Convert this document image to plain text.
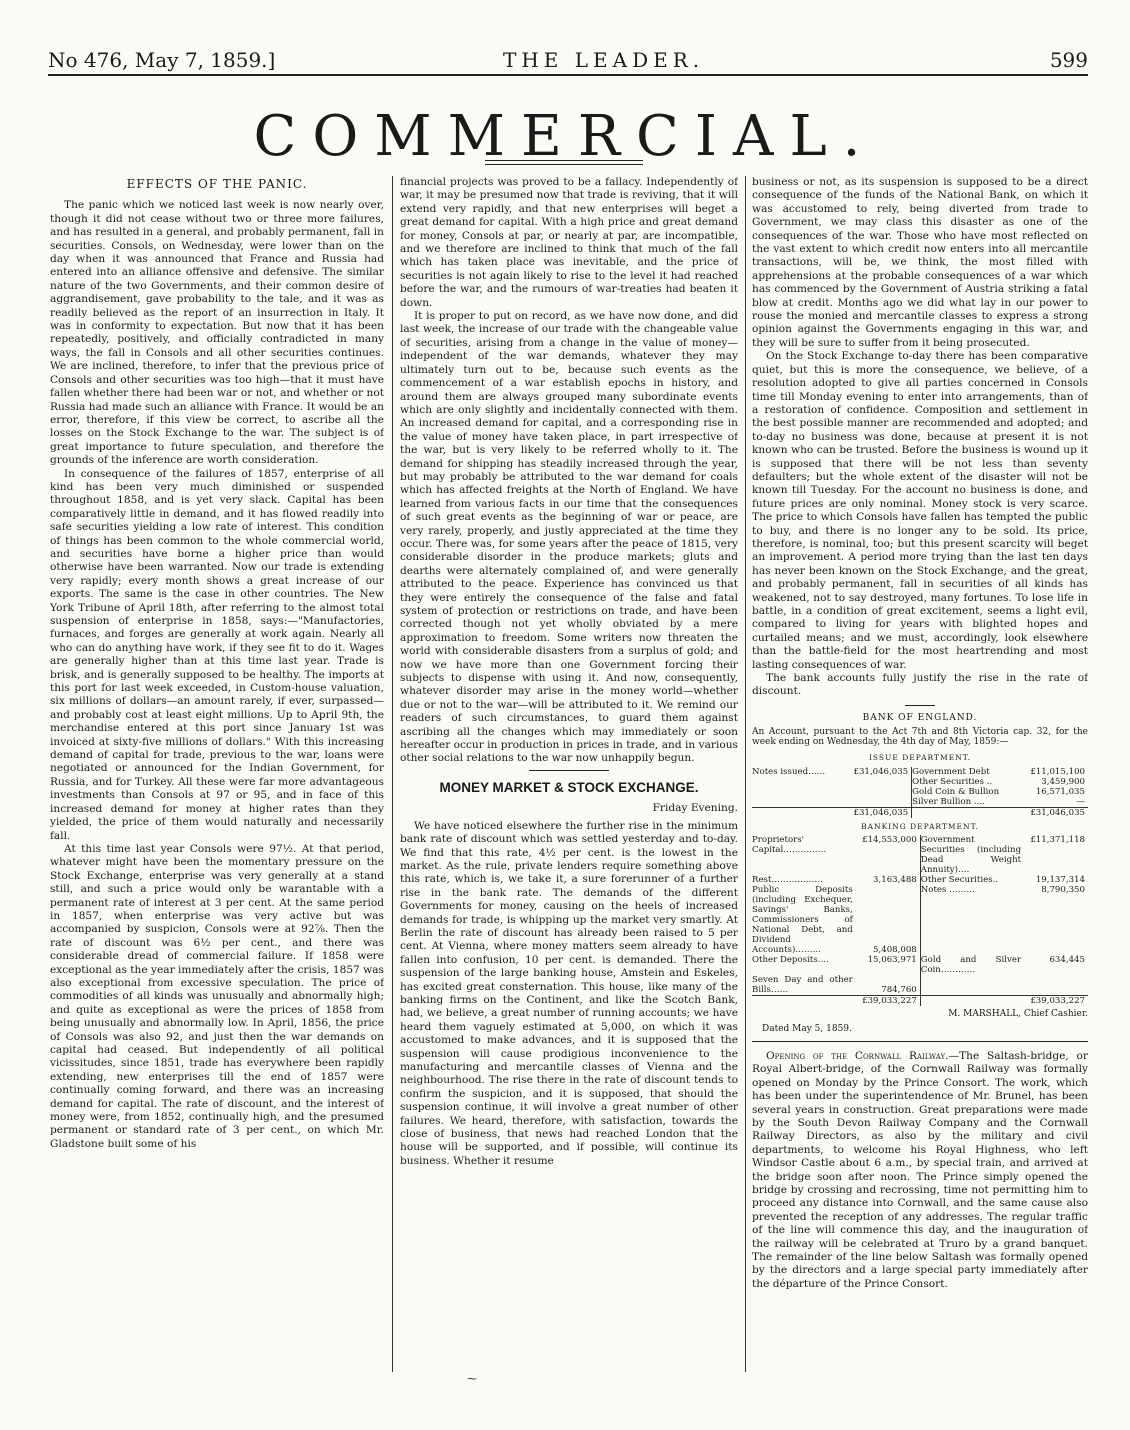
No 476, May 7, 1859.]	THE LEADER.	599
COMMERCIAL.
EFFECTS OF THE PANIC.

The panic which we noticed last week is now nearly over, though it did not cease without two or three more failures, and has resulted in a general, and probably permanent, fall in securities. Consols, on Wednesday, were lower than on the day when it was announced that France and Russia had entered into an alliance offensive and defensive. The similar nature of the two Governments, and their common desire of aggrandisement, gave probability to the tale, and it was as readily believed as the report of an insurrection in Italy. It was in conformity to expectation. But now that it has been repeatedly, positively, and officially contradicted in many ways, the fall in Consols and all other securities continues. We are inclined, therefore, to infer that the previous price of Consols and other securities was too high—that it must have fallen whether there had been war or not, and whether or not Russia had made such an alliance with France. It would be an error, therefore, if this view be correct, to ascribe all the losses on the Stock Exchange to the war. The subject is of great importance to future speculation, and therefore the grounds of the inference are worth consideration.

In consequence of the failures of 1857, enterprise of all kind has been very much diminished or suspended throughout 1858, and is yet very slack. Capital has been comparatively little in demand, and it has flowed readily into safe securities yielding a low rate of interest. This condition of things has been common to the whole commercial world, and securities have borne a higher price than would otherwise have been warranted. Now our trade is extending very rapidly; every month shows a great increase of our exports. The same is the case in other countries. The New York Tribune of April 18th, after referring to the almost total suspension of enterprise in 1858, says:—"Manufactories, furnaces, and forges are generally at work again. Nearly all who can do anything have work, if they see fit to do it. Wages are generally higher than at this time last year. Trade is brisk, and is generally supposed to be healthy. The imports at this port for last week exceeded, in Custom-house valuation, six millions of dollars—an amount rarely, if ever, surpassed—and probably cost at least eight millions. Up to April 9th, the merchandise entered at this port since January 1st was invoiced at sixty-five millions of dollars." With this increasing demand of capital for trade, previous to the war, loans were negotiated or announced for the Indian Government, for Russia, and for Turkey. All these were far more advantageous investments than Consols at 97 or 95, and in face of this increased demand for money at higher rates than they yielded, the price of them would naturally and necessarily fall.

At this time last year Consols were 97½. At that period, whatever might have been the momentary pressure on the Stock Exchange, enterprise was very generally at a stand still, and such a price would only be warantable with a permanent rate of interest at 3 per cent. At the same period in 1857, when enterprise was very active but was accompanied by suspicion, Consols were at 92⅞. Then the rate of discount was 6½ per cent., and there was considerable dread of commercial failure. If 1858 were exceptional as the year immediately after the crisis, 1857 was also exceptional from excessive speculation. The price of commodities of all kinds was unusually and abnormally high; and quite as exceptional as were the prices of 1858 from being unusually and abnormally low. In April, 1856, the price of Consols was also 92, and just then the war demands on capital had ceased. But independently of all political vicissitudes, since 1851, trade has everywhere been rapidly extending, new enterprises till the end of 1857 were continually coming forward, and there was an increasing demand for capital. The rate of discount, and the interest of money were, from 1852, continually high, and the presumed permanent or standard rate of 3 per cent., on which Mr. Gladstone built some of his

financial projects was proved to be a fallacy. Independently of war, it may be presumed now that trade is reviving, that it will extend very rapidly, and that new enterprises will beget a great demand for capital. With a high price and great demand for money, Consols at par, or nearly at par, are incompatible, and we therefore are inclined to think that much of the fall which has taken place was inevitable, and the price of securities is not again likely to rise to the level it had reached before the war, and the rumours of war-treaties had beaten it down.

It is proper to put on record, as we have now done, and did last week, the increase of our trade with the changeable value of securities, arising from a change in the value of money—independent of the war demands, whatever they may ultimately turn out to be, because such events as the commencement of a war establish epochs in history, and around them are always grouped many subordinate events which are only slightly and incidentally connected with them. An increased demand for capital, and a corresponding rise in the value of money have taken place, in part irrespective of the war, but is very likely to be referred wholly to it. The demand for shipping has steadily increased through the year, but may probably be attributed to the war demand for coals which has affected freights at the North of England. We have learned from various facts in our time that the consequences of such great events as the beginning of war or peace, are very rarely, properly, and justly appreciated at the time they occur. There was, for some years after the peace of 1815, very considerable disorder in the produce markets; gluts and dearths were alternately complained of, and were generally attributed to the peace. Experience has convinced us that they were entirely the consequence of the false and fatal system of protection or restrictions on trade, and have been corrected though not yet wholly obviated by a mere approximation to freedom. Some writers now threaten the world with considerable disasters from a surplus of gold; and now we have more than one Government forcing their subjects to dispense with using it. And now, consequently, whatever disorder may arise in the money world—whether due or not to the war—will be attributed to it. We remind our readers of such circumstances, to guard them against ascribing all the changes which may immediately or soon hereafter occur in production in prices in trade, and in various other social relations to the war now unhappily begun.

MONEY MARKET & STOCK EXCHANGE.
Friday Evening.

We have noticed elsewhere the further rise in the minimum bank rate of discount which was settled yesterday and to-day. We find that this rate, 4½ per cent. is the lowest in the market. As the rule, private lenders require something above this rate, which is, we take it, a sure forerunner of a further rise in the bank rate. The demands of the different Governments for money, causing on the heels of increased demands for trade, is whipping up the market very smartly. At Berlin the rate of discount has already been raised to 5 per cent. At Vienna, where money matters seem already to have fallen into confusion, 10 per cent. is demanded. There the suspension of the large banking house, Amstein and Eskeles, has excited great consternation. This house, like many of the banking firms on the Continent, and like the Scotch Bank, had, we believe, a great number of running accounts; we have heard them vaguely estimated at 5,000, on which it was accustomed to make advances, and it is supposed that the suspension will cause prodigious inconvenience to the manufacturing and mercantile classes of Vienna and the neighbourhood. The rise there in the rate of discount tends to confirm the suspicion, and it is supposed, that should the suspension continue, it will involve a great number of other failures. We heard, therefore, with satisfaction, towards the close of business, that news had reached London that the house will be supported, and if possible, will continue its business. Whether it resume

business or not, as its suspension is supposed to be a direct consequence of the funds of the National Bank, on which it was accustomed to rely, being diverted from trade to Government, we may class this disaster as one of the consequences of the war. Those who have most reflected on the vast extent to which credit now enters into all mercantile transactions, will be, we think, the most filled with apprehensions at the probable consequences of a war which has commenced by the Government of Austria striking a fatal blow at credit. Months ago we did what lay in our power to rouse the monied and mercantile classes to express a strong opinion against the Governments engaging in this war, and they will be sure to suffer from it being prosecuted.

On the Stock Exchange to-day there has been comparative quiet, but this is more the consequence, we believe, of a resolution adopted to give all parties concerned in Consols time till Monday evening to enter into arrangements, than of a restoration of confidence. Composition and settlement in the best possible manner are recommended and adopted; and to-day no business was done, because at present it is not known who can be trusted. Before the business is wound up it is supposed that there will be not less than seventy defaulters; but the whole extent of the disaster will not be known till Tuesday. For the account no business is done, and future prices are only nominal. Money stock is very scarce. The price to which Consols have fallen has tempted the public to buy, and there is no longer any to be sold. Its price, therefore, is nominal, too; but this present scarcity will beget an improvement. A period more trying than the last ten days has never been known on the Stock Exchange, and the great, and probably permanent, fall in securities of all kinds has weakened, not to say destroyed, many fortunes. To lose life in battle, in a condition of great excitement, seems a light evil, compared to living for years with blighted hopes and curtailed means; and we must, accordingly, look elsewhere than the battle-field for the most heartrending and most lasting consequences of war.

The bank accounts fully justify the rise in the rate of discount.

BANK OF ENGLAND.
An Account, pursuant to the Act 7th and 8th Victoria cap. 32, for the week ending on Wednesday, the 4th day of May, 1859:—
ISSUE DEPARTMENT.
Notes issued……	£31,046,035	Government Debt	£11,015,100
		Other Securities ..	3,459,900
		Gold Coin & Bullion	16,571,035
		Silver Bullion ....	—
	£31,046,035		£31,046,035
BANKING DEPARTMENT.
Proprietors' Capital……………	£14,553,000	Government Securities (including Dead Weight Annuity)….	£11,371,118
Rest………………	3,163,488	Other Securities..	19,137,314
Public Deposits (including Exchequer, Savings' Banks, Commissioners of National Debt, and Dividend Accounts)………	5,408,008	Notes ………	8,790,350
Other Deposits….	15,063,971	Gold and Silver Coin…………	634,445
Seven Day and other Bills……	784,760		
	£39,033,227		£39,033,227
M. MARSHALL, Chief Cashier.
Dated May 5, 1859.

Opening of the Cornwall Railway.—The Saltash-bridge, or Royal Albert-bridge, of the Cornwall Railway was formally opened on Monday by the Prince Consort. The work, which has been under the superintendence of Mr. Brunel, has been several years in construction. Great preparations were made by the South Devon Railway Company and the Cornwall Railway Directors, as also by the military and civil departments, to welcome his Royal Highness, who left Windsor Castle about 6 a.m., by special train, and arrived at the bridge soon after noon. The Prince simply opened the bridge by crossing and recrossing, time not permitting him to proceed any distance into Cornwall, and the same cause also prevented the reception of any addresses. The regular traffic of the line will commence this day, and the inauguration of the railway will be celebrated at Truro by a grand banquet. The remainder of the line below Saltash was formally opened by the directors and a large special party immediately after the départure of the Prince Consort.

⁓
